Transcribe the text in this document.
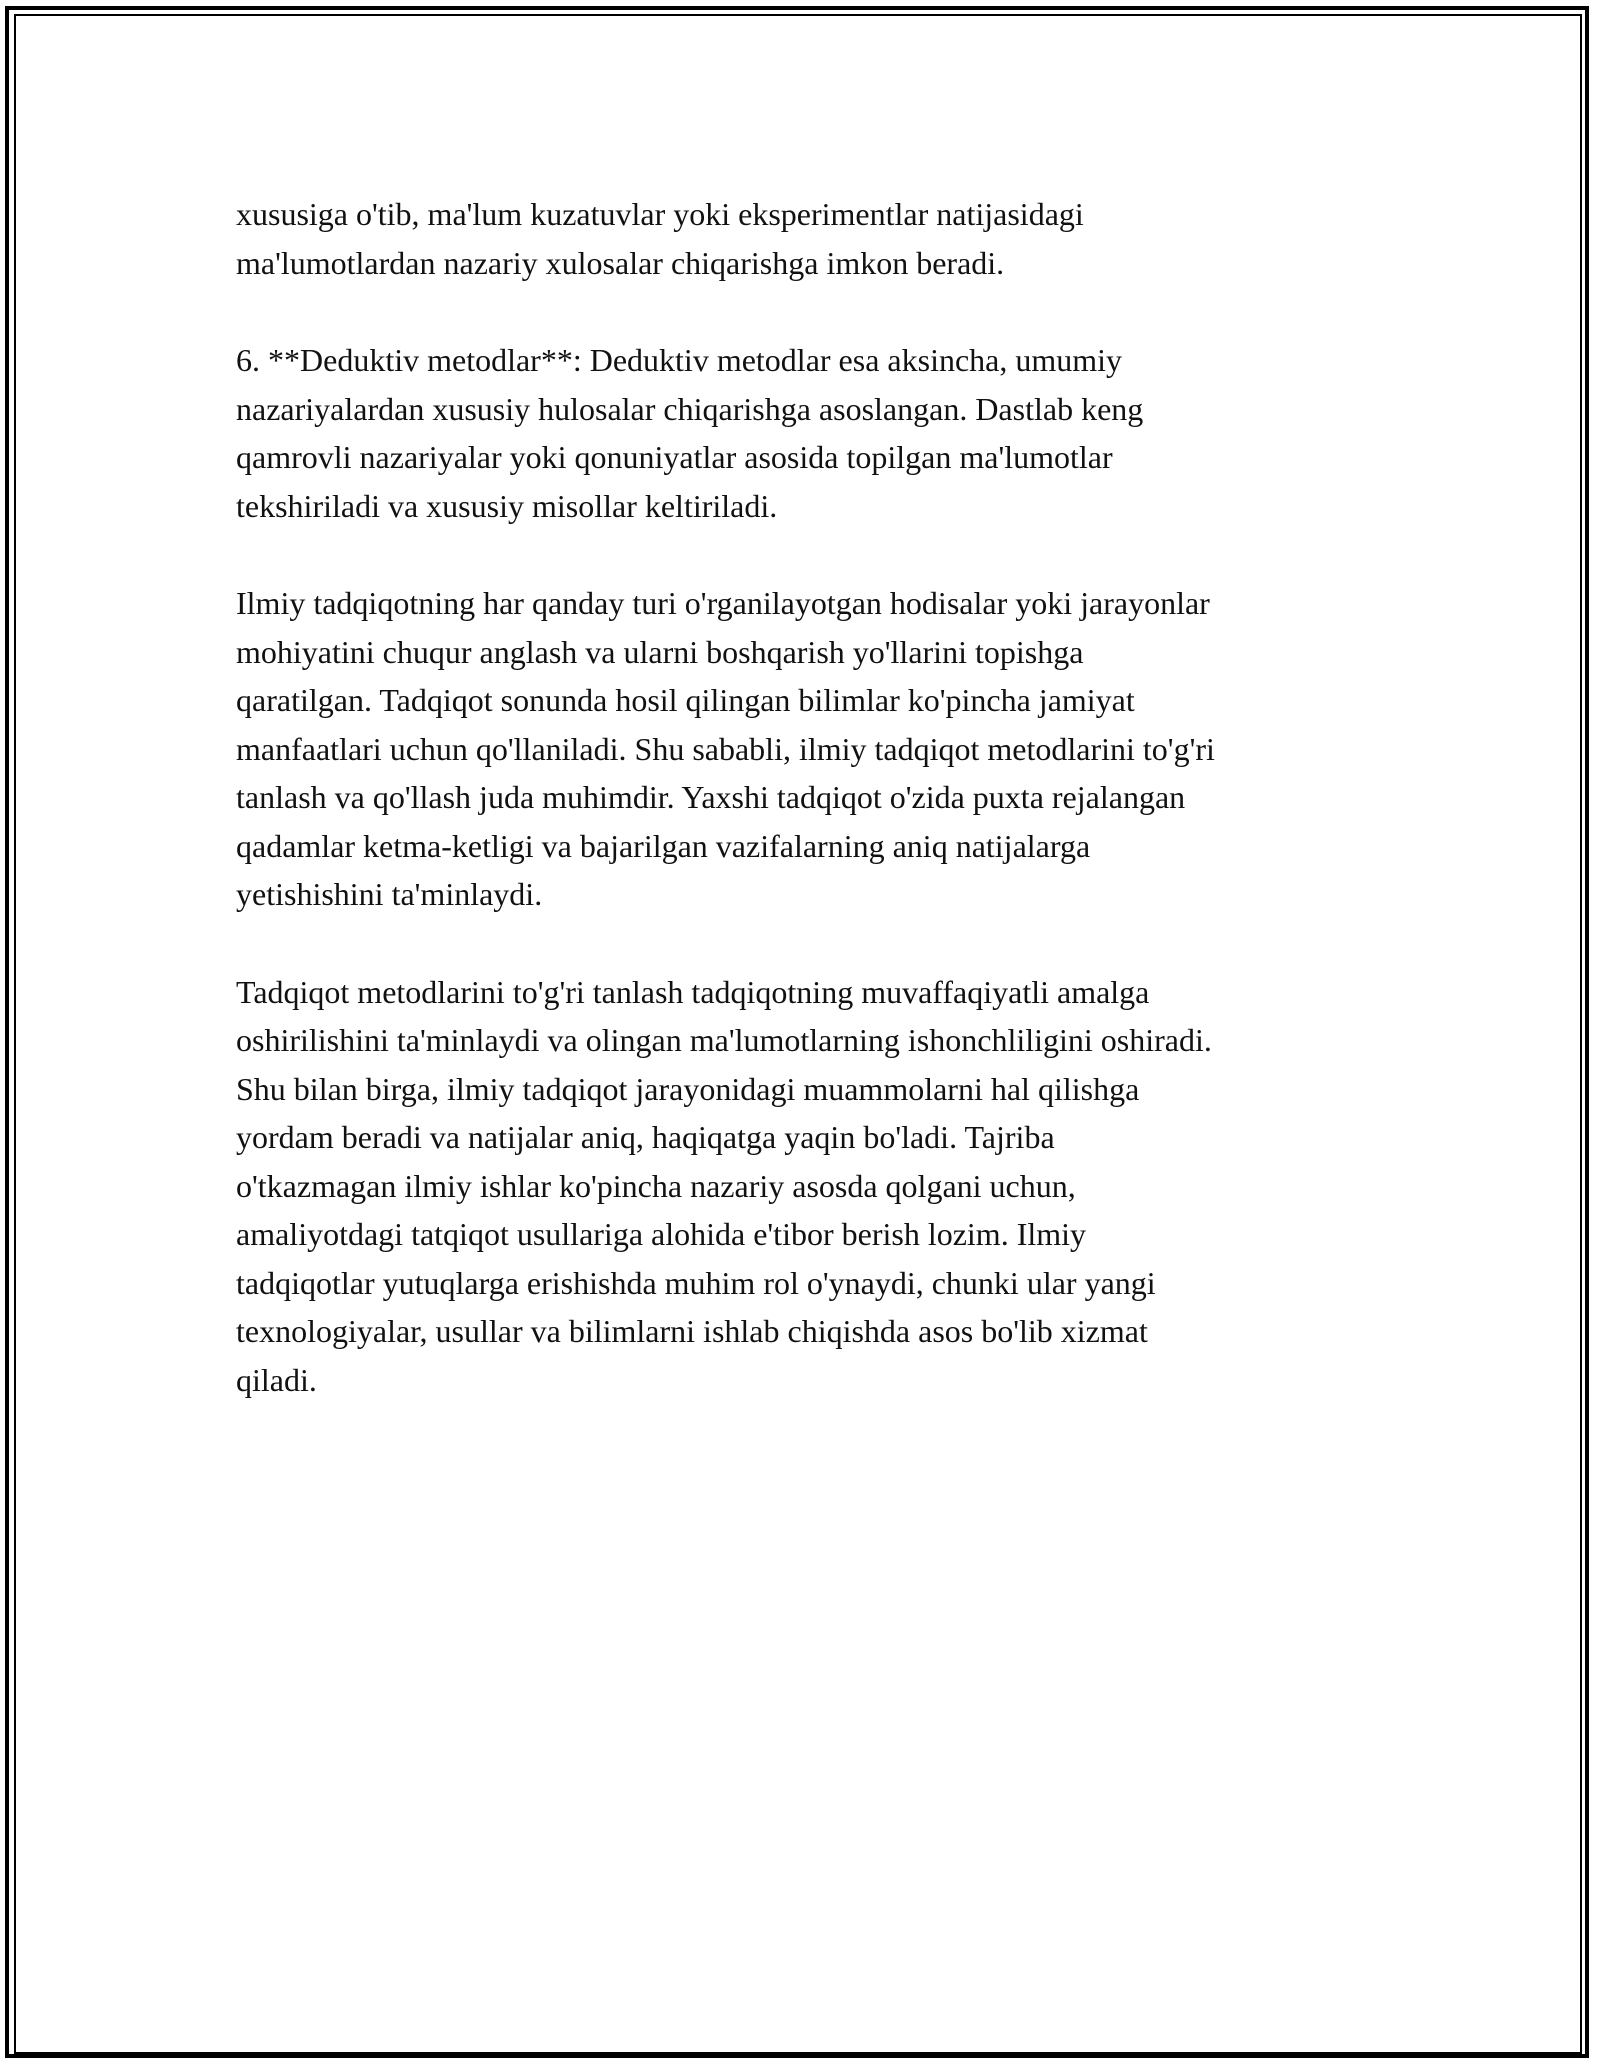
xususiga o'tib, ma'lum kuzatuvlar yoki eksperimentlar natijasidagi
ma'lumotlardan nazariy xulosalar chiqarishga imkon beradi.

6. **Deduktiv metodlar**: Deduktiv metodlar esa aksincha, umumiy
nazariyalardan xususiy hulosalar chiqarishga asoslangan. Dastlab keng
qamrovli nazariyalar yoki qonuniyatlar asosida topilgan ma'lumotlar
tekshiriladi va xususiy misollar keltiriladi.

Ilmiy tadqiqotning har qanday turi o'rganilayotgan hodisalar yoki jarayonlar
mohiyatini chuqur anglash va ularni boshqarish yo'llarini topishga
qaratilgan. Tadqiqot sonunda hosil qilingan bilimlar ko'pincha jamiyat
manfaatlari uchun qo'llaniladi. Shu sababli, ilmiy tadqiqot metodlarini to'g'ri
tanlash va qo'llash juda muhimdir. Yaxshi tadqiqot o'zida puxta rejalangan
qadamlar ketma-ketligi va bajarilgan vazifalarning aniq natijalarga
yetishishini ta'minlaydi.

Tadqiqot metodlarini to'g'ri tanlash tadqiqotning muvaffaqiyatli amalga
oshirilishini ta'minlaydi va olingan ma'lumotlarning ishonchliligini oshiradi.
Shu bilan birga, ilmiy tadqiqot jarayonidagi muammolarni hal qilishga
yordam beradi va natijalar aniq, haqiqatga yaqin bo'ladi. Tajriba
o'tkazmagan ilmiy ishlar ko'pincha nazariy asosda qolgani uchun,
amaliyotdagi tatqiqot usullariga alohida e'tibor berish lozim. Ilmiy
tadqiqotlar yutuqlarga erishishda muhim rol o'ynaydi, chunki ular yangi
texnologiyalar, usullar va bilimlarni ishlab chiqishda asos bo'lib xizmat
qiladi.
